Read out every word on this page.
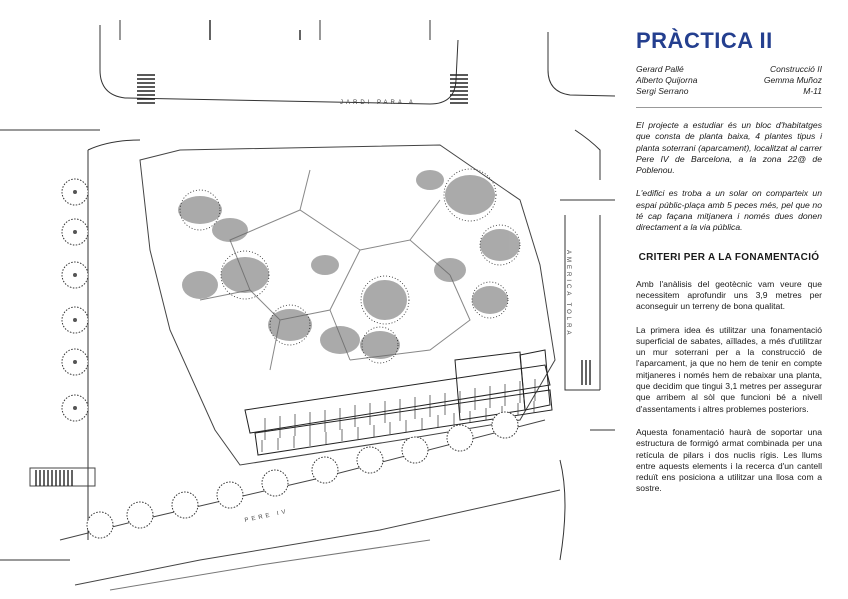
JARDI PARA A
AMERICA TOLRA
PERE IV
PRÀCTICA II
Gerard Pallé
Alberto Quijorna
Sergi Serrano
Construcció II
Gemma Muñoz
M-11

El projecte a estudiar és un bloc d'habitatges que consta de planta baixa, 4 plantes tipus i planta soterrani (aparcament), localitzat al carrer Pere IV de Barcelona, a la zona 22@ de Poblenou.

L'edifici es troba a un solar on comparteix un espai públic-plaça amb 5 peces més, pel que no té cap façana mitjanera i només dues donen directament a la via pública.

CRITERI PER A LA FONAMENTACIÓ

Amb l'anàlisis del geotècnic vam veure que necessitem aprofundir uns 3,9 metres per aconseguir un terreny de bona qualitat.

La primera idea és utilitzar una fonamentació superficial de sabates, aïllades, a més d'utilitzar un mur soterrani per a la construcció de l'aparcament, ja que no hem de tenir en compte mitjaneres i només hem de rebaixar una planta, que decidim que tingui 3,1 metres per assegurar que arribem al sòl que funcioni bé a nivell d'assentaments i altres problemes posteriors.

Aquesta fonamentació haurà de soportar una estructura de formigó armat combinada per una retícula de pilars i dos nuclis rígis. Les llums entre aquests elements i la recerca d'un cantell reduït ens posiciona a utilitzar una llosa com a sostre.
